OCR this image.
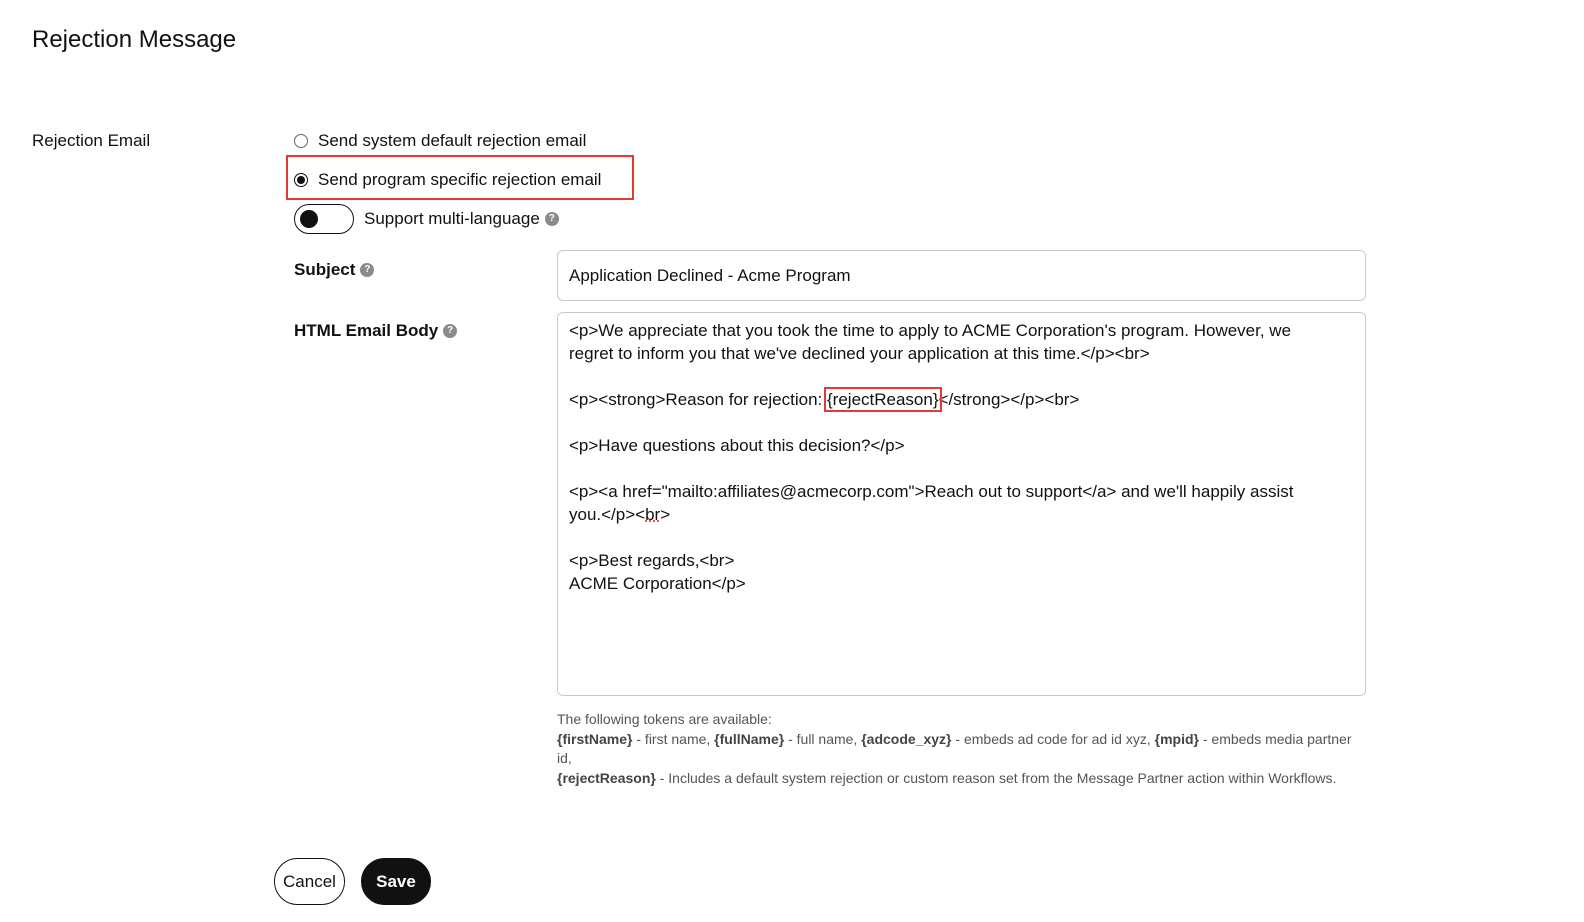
Rejection Message
Rejection Email	Send system default rejection email
Send program specific rejection email
Support multi-language ?
Subject ?	Application Declined - Acme Program
HTML Email Body ?	<p>We appreciate that you took the time to apply to ACME Corporation's program. However, we
regret to inform you that we've declined your application at this time.</p><br>
<p><strong>Reason for rejection: {rejectReason}</strong></p><br>
<p>Have questions about this decision?</p>
<p><a href="mailto:affiliates@acmecorp.com">Reach out to support</a> and we'll happily assist
you.</p><br>
<p>Best regards,<br>
ACME Corporation</p>
The following tokens are available:
{firstName} - first name, {fullName} - full name, {adcode_xyz} - embeds ad code for ad id xyz, {mpid} - embeds media partner id,
{rejectReason} - Includes a default system rejection or custom reason set from the Message Partner action within Workflows.
Cancel	Save
